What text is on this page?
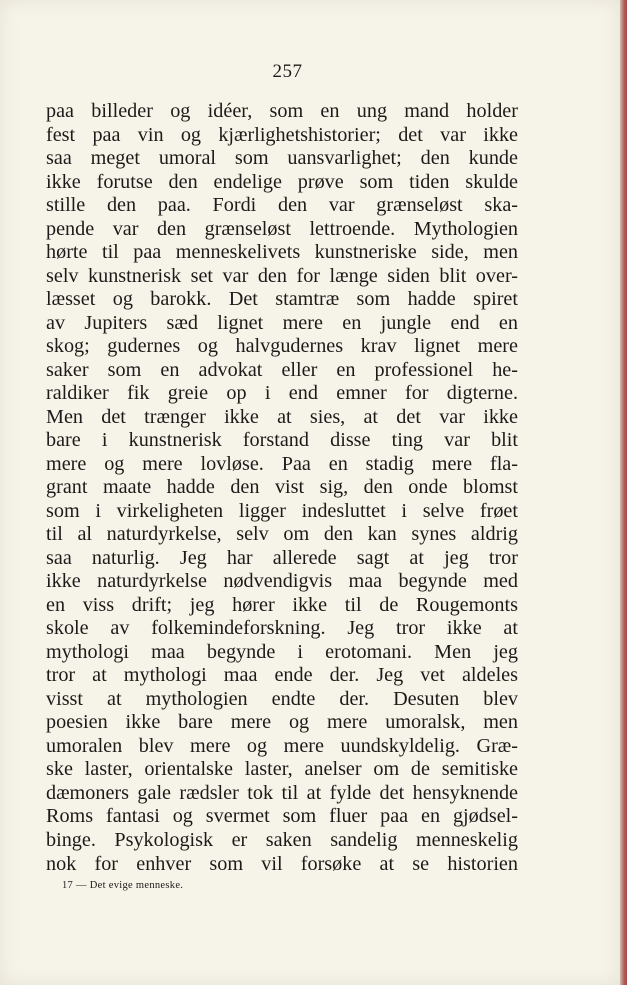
257
paa billeder og idéer, som en ung mand holder
fest paa vin og kjærlighetshistorier; det var ikke
saa meget umoral som uansvarlighet; den kunde
ikke forutse den endelige prøve som tiden skulde
stille den paa. Fordi den var grænseløst ska-
pende var den grænseløst lettroende. Mythologien
hørte til paa menneskelivets kunstneriske side, men
selv kunstnerisk set var den for længe siden blit over-
læsset og barokk. Det stamtræ som hadde spiret
av Jupiters sæd lignet mere en jungle end en
skog; gudernes og halvgudernes krav lignet mere
saker som en advokat eller en professionel he-
raldiker fik greie op i end emner for digterne.
Men det trænger ikke at sies, at det var ikke
bare i kunstnerisk forstand disse ting var blit
mere og mere lovløse. Paa en stadig mere fla-
grant maate hadde den vist sig, den onde blomst
som i virkeligheten ligger indesluttet i selve frøet
til al naturdyrkelse, selv om den kan synes aldrig
saa naturlig. Jeg har allerede sagt at jeg tror
ikke naturdyrkelse nødvendigvis maa begynde med
en viss drift; jeg hører ikke til de Rougemonts
skole av folkemindeforskning. Jeg tror ikke at
mythologi maa begynde i erotomani. Men jeg
tror at mythologi maa ende der. Jeg vet aldeles
visst at mythologien endte der. Desuten blev
poesien ikke bare mere og mere umoralsk, men
umoralen blev mere og mere uundskyldelig. Græ-
ske laster, orientalske laster, anelser om de semitiske
dæmoners gale rædsler tok til at fylde det hensyknende
Roms fantasi og svermet som fluer paa en gjødsel-
binge. Psykologisk er saken sandelig menneskelig
nok for enhver som vil forsøke at se historien
17 — Det evige menneske.
